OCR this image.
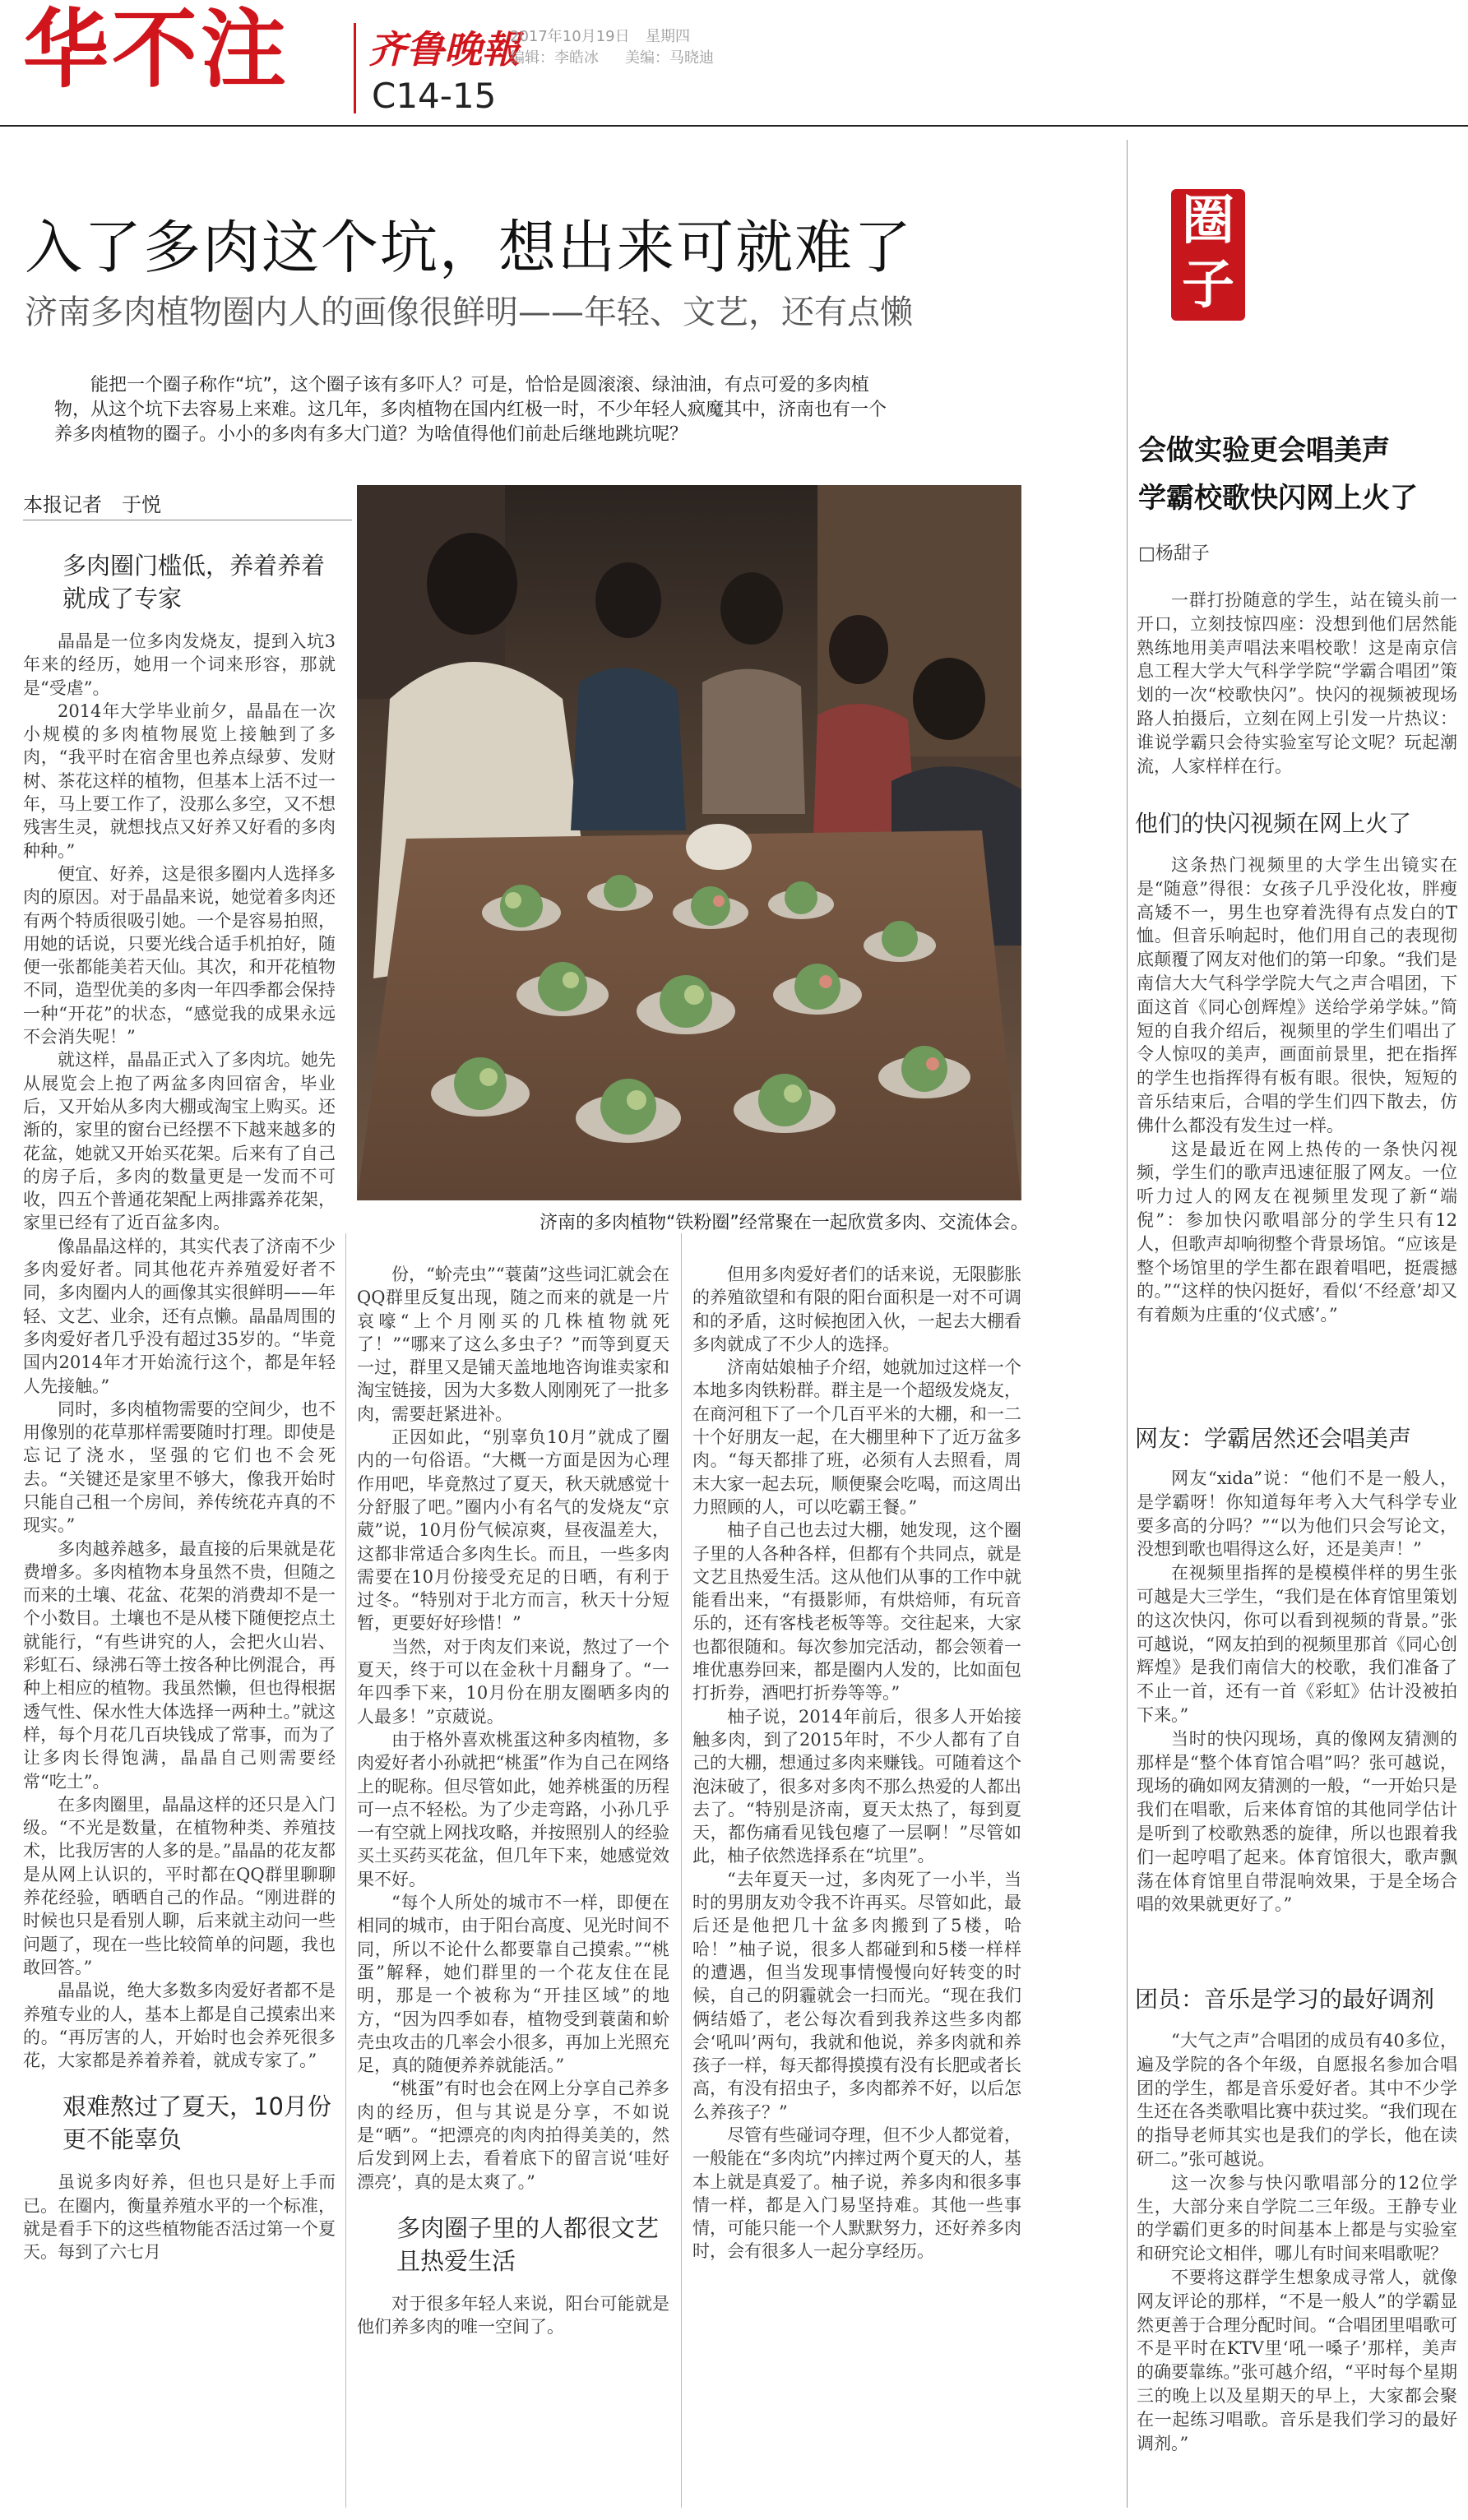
华不注 齐鲁晚報
C14-15
2017年10月19日 星期四
编辑：李皓冰 美编：马晓迪
入了多肉这个坑，想出来可就难了
济南多肉植物圈内人的画像很鲜明——年轻、文艺，还有点懒
能把一个圈子称作“坑”，这个圈子该有多吓人？可是，恰恰是圆滚滚、绿油油，有点可爱的多肉植物，从这个坑下去容易上来难。这几年，多肉植物在国内红极一时，不少年轻人疯魔其中，济南也有一个养多肉植物的圈子。小小的多肉有多大门道？为啥值得他们前赴后继地跳坑呢？
本报记者　于悦
济南的多肉植物“铁粉圈”经常聚在一起欣赏多肉、交流体会。
多肉圈门槛低，养着养着就成了专家

晶晶是一位多肉发烧友，提到入坑3年来的经历，她用一个词来形容，那就是“受虐”。

2014年大学毕业前夕，晶晶在一次小规模的多肉植物展览上接触到了多肉，“我平时在宿舍里也养点绿萝、发财树、茶花这样的植物，但基本上活不过一年，马上要工作了，没那么多空，又不想残害生灵，就想找点又好养又好看的多肉种种。”

便宜、好养，这是很多圈内人选择多肉的原因。对于晶晶来说，她觉着多肉还有两个特质很吸引她。一个是容易拍照，用她的话说，只要光线合适手机拍好，随便一张都能美若天仙。其次，和开花植物不同，造型优美的多肉一年四季都会保持一种“开花”的状态，“感觉我的成果永远不会消失呢！”

就这样，晶晶正式入了多肉坑。她先从展览会上抱了两盆多肉回宿舍，毕业后，又开始从多肉大棚或淘宝上购买。还渐的，家里的窗台已经摆不下越来越多的花盆，她就又开始买花架。后来有了自己的房子后，多肉的数量更是一发而不可收，四五个普通花架配上两排露养花架，家里已经有了近百盆多肉。

像晶晶这样的，其实代表了济南不少多肉爱好者。同其他花卉养殖爱好者不同，多肉圈内人的画像其实很鲜明——年轻、文艺、业余，还有点懒。晶晶周围的多肉爱好者几乎没有超过35岁的。“毕竟国内2014年才开始流行这个，都是年轻人先接触。”

同时，多肉植物需要的空间少，也不用像别的花草那样需要随时打理。即使是忘记了浇水，坚强的它们也不会死去。“关键还是家里不够大，像我开始时只能自己租一个房间，养传统花卉真的不现实。”

多肉越养越多，最直接的后果就是花费增多。多肉植物本身虽然不贵，但随之而来的土壤、花盆、花架的消费却不是一个小数目。土壤也不是从楼下随便挖点土就能行，“有些讲究的人，会把火山岩、彩虹石、绿沸石等土按各种比例混合，再种上相应的植物。我虽然懒，但也得根据透气性、保水性大体选择一两种土。”就这样，每个月花几百块钱成了常事，而为了让多肉长得饱满，晶晶自己则需要经常“吃土”。

在多肉圈里，晶晶这样的还只是入门级。“不光是数量，在植物种类、养殖技术，比我厉害的人多的是。”晶晶的花友都是从网上认识的，平时都在QQ群里聊聊养花经验，晒晒自己的作品。“刚进群的时候也只是看别人聊，后来就主动问一些问题了，现在一些比较简单的问题，我也敢回答。”

晶晶说，绝大多数多肉爱好者都不是养殖专业的人，基本上都是自己摸索出来的。“再厉害的人，开始时也会养死很多花，大家都是养着养着，就成专家了。”

艰难熬过了夏天，10月份更不能辜负

虽说多肉好养，但也只是好上手而已。在圈内，衡量养殖水平的一个标准，就是看手下的这些植物能否活过第一个夏天。每到了六七月

份，“蚧壳虫”“蓑菌”这些词汇就会在QQ群里反复出现，随之而来的就是一片哀嚎“上个月刚买的几株植物就死了！”“哪来了这么多虫子？”而等到夏天一过，群里又是铺天盖地地咨询谁卖家和淘宝链接，因为大多数人刚刚死了一批多肉，需要赶紧进补。

正因如此，“别辜负10月”就成了圈内的一句俗语。“大概一方面是因为心理作用吧，毕竟熬过了夏天，秋天就感觉十分舒服了吧。”圈内小有名气的发烧友“京葳”说，10月份气候凉爽，昼夜温差大，这都非常适合多肉生长。而且，一些多肉需要在10月份接受充足的日晒，有利于过冬。“特别对于北方而言，秋天十分短暂，更要好好珍惜！”

当然，对于肉友们来说，熬过了一个夏天，终于可以在金秋十月翻身了。“一年四季下来，10月份在朋友圈晒多肉的人最多！”京葳说。

由于格外喜欢桃蛋这种多肉植物，多肉爱好者小孙就把“桃蛋”作为自己在网络上的昵称。但尽管如此，她养桃蛋的历程可一点不轻松。为了少走弯路，小孙几乎一有空就上网找攻略，并按照别人的经验买土买药买花盆，但几年下来，她感觉效果不好。

“每个人所处的城市不一样，即便在相同的城市，由于阳台高度、见光时间不同，所以不论什么都要靠自己摸索。”“桃蛋”解释，她们群里的一个花友住在昆明，那是一个被称为“开挂区域”的地方，“因为四季如春，植物受到蓑菌和蚧壳虫攻击的几率会小很多，再加上光照充足，真的随便养养就能活。”

“桃蛋”有时也会在网上分享自己养多肉的经历，但与其说是分享，不如说是“晒”。“把漂亮的肉肉拍得美美的，然后发到网上去，看着底下的留言说‘哇好漂亮’，真的是太爽了。”

多肉圈子里的人都很文艺且热爱生活

对于很多年轻人来说，阳台可能就是他们养多肉的唯一空间了。

但用多肉爱好者们的话来说，无限膨胀的养殖欲望和有限的阳台面积是一对不可调和的矛盾，这时候抱团入伙，一起去大棚看多肉就成了不少人的选择。

济南姑娘柚子介绍，她就加过这样一个本地多肉铁粉群。群主是一个超级发烧友，在商河租下了一个几百平米的大棚，和一二十个好朋友一起，在大棚里种下了近万盆多肉。“每天都排了班，必须有人去照看，周末大家一起去玩，顺便聚会吃喝，而这周出力照顾的人，可以吃霸王餐。”

柚子自己也去过大棚，她发现，这个圈子里的人各种各样，但都有个共同点，就是文艺且热爱生活。这从他们从事的工作中就能看出来，“有摄影师，有烘焙师，有玩音乐的，还有客栈老板等等。交往起来，大家也都很随和。每次参加完活动，都会领着一堆优惠券回来，都是圈内人发的，比如面包打折券，酒吧打折券等等。”

柚子说，2014年前后，很多人开始接触多肉，到了2015年时，不少人都有了自己的大棚，想通过多肉来赚钱。可随着这个泡沫破了，很多对多肉不那么热爱的人都出去了。“特别是济南，夏天太热了，每到夏天，都伤痛看见钱包瘪了一层啊！”尽管如此，柚子依然选择系在“坑里”。

“去年夏天一过，多肉死了一小半，当时的男朋友劝令我不许再买。尽管如此，最后还是他把几十盆多肉搬到了5楼，哈哈！”柚子说，很多人都碰到和5楼一样样的遭遇，但当发现事情慢慢向好转变的时候，自己的阴霾就会一扫而光。“现在我们俩结婚了，老公每次看到我养这些多肉都会‘吼叫’两句，我就和他说，养多肉就和养孩子一样，每天都得摸摸有没有长肥或者长高，有没有招虫子，多肉都养不好，以后怎么养孩子？”

尽管有些碰词夺理，但不少人都觉着，一般能在“多肉坑”内摔过两个夏天的人，基本上就是真爱了。柚子说，养多肉和很多事情一样，都是入门易坚持难。其他一些事情，可能只能一个人默默努力，还好养多肉时，会有很多人一起分享经历。

圈
子
会做实验更会唱美声
学霸校歌快闪网上火了
□杨甜子

一群打扮随意的学生，站在镜头前一开口，立刻技惊四座：没想到他们居然能熟练地用美声唱法来唱校歌！这是南京信息工程大学大气科学学院“学霸合唱团”策划的一次“校歌快闪”。快闪的视频被现场路人拍摄后，立刻在网上引发一片热议：谁说学霸只会待实验室写论文呢？玩起潮流，人家样样在行。

他们的快闪视频在网上火了

这条热门视频里的大学生出镜实在是“随意”得很：女孩子几乎没化妆，胖瘦高矮不一，男生也穿着洗得有点发白的T恤。但音乐响起时，他们用自己的表现彻底颠覆了网友对他们的第一印象。“我们是南信大大气科学学院大气之声合唱团，下面这首《同心创辉煌》送给学弟学妹。”简短的自我介绍后，视频里的学生们唱出了令人惊叹的美声，画面前景里，把在指挥的学生也指挥得有板有眼。很快，短短的音乐结束后，合唱的学生们四下散去，仿佛什么都没有发生过一样。

这是最近在网上热传的一条快闪视频，学生们的歌声迅速征服了网友。一位听力过人的网友在视频里发现了新“端倪”：参加快闪歌唱部分的学生只有12人，但歌声却响彻整个背景场馆。“应该是整个场馆里的学生都在跟着唱吧，挺震撼的。”“这样的快闪挺好，看似‘不经意’却又有着颇为庄重的‘仪式感’。”

网友：学霸居然还会唱美声

网友“xida”说：“他们不是一般人，是学霸呀！你知道每年考入大气科学专业要多高的分吗？”“以为他们只会写论文，没想到歌也唱得这么好，还是美声！”

在视频里指挥的是模模伴样的男生张可越是大三学生，“我们是在体育馆里策划的这次快闪，你可以看到视频的背景。”张可越说，“网友拍到的视频里那首《同心创辉煌》是我们南信大的校歌，我们准备了不止一首，还有一首《彩虹》估计没被拍下来。”

当时的快闪现场，真的像网友猜测的那样是“整个体育馆合唱”吗？张可越说，现场的确如网友猜测的一般，“一开始只是我们在唱歌，后来体育馆的其他同学估计是听到了校歌熟悉的旋律，所以也跟着我们一起哼唱了起来。体育馆很大，歌声飘荡在体育馆里自带混响效果，于是全场合唱的效果就更好了。”

团员：音乐是学习的最好调剂

“大气之声”合唱团的成员有40多位，遍及学院的各个年级，自愿报名参加合唱团的学生，都是音乐爱好者。其中不少学生还在各类歌唱比赛中获过奖。“我们现在的指导老师其实也是我们的学长，他在读研二。”张可越说。

这一次参与快闪歌唱部分的12位学生，大部分来自学院二三年级。王静专业的学霸们更多的时间基本上都是与实验室和研究论文相伴，哪儿有时间来唱歌呢？

不要将这群学生想象成寻常人，就像网友评论的那样，“不是一般人”的学霸显然更善于合理分配时间。“合唱团里唱歌可不是平时在KTV里‘吼一嗓子’那样，美声的确要靠练。”张可越介绍，“平时每个星期三的晚上以及星期天的早上，大家都会聚在一起练习唱歌。音乐是我们学习的最好调剂。”
